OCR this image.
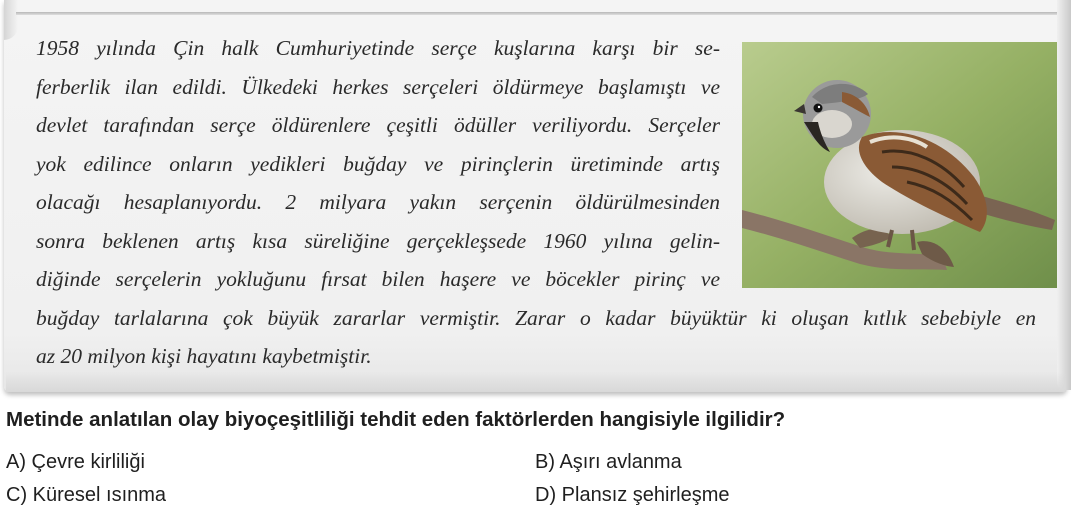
1958 yılında Çin halk Cumhuriyetinde serçe kuşlarına karşı bir se-
ferberlik ilan edildi. Ülkedeki herkes serçeleri öldürmeye başlamıştı ve
devlet tarafından serçe öldürenlere çeşitli ödüller veriliyordu. Serçeler
yok edilince onların yedikleri buğday ve pirinçlerin üretiminde artış
olacağı hesaplanıyordu. 2 milyara yakın serçenin öldürülmesinden
sonra beklenen artış kısa süreliğine gerçekleşsede 1960 yılına gelin-
diğinde serçelerin yokluğunu fırsat bilen haşere ve böcekler pirinç ve
buğday tarlalarına çok büyük zararlar vermiştir. Zarar o kadar büyüktür ki oluşan kıtlık sebebiyle en
az 20 milyon kişi hayatını kaybetmiştir.
Metinde anlatılan olay biyoçeşitliliği tehdit eden faktörlerden hangisiyle ilgilidir?
A) Çevre kirliliği	B) Aşırı avlanma
C) Küresel ısınma	D) Plansız şehirleşme
